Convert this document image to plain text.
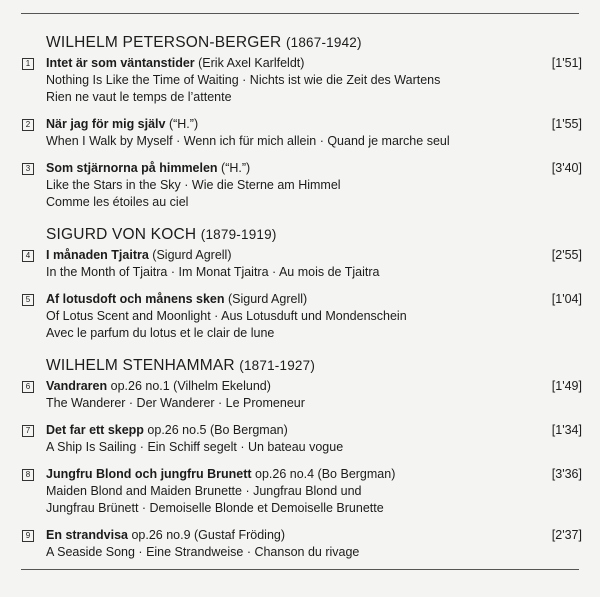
WILHELM PETERSON-BERGER (1867-1942)
1	Intet är som väntanstider (Erik Axel Karlfeldt)	[1'51]
Nothing Is Like the Time of Waiting · Nichts ist wie die Zeit des Wartens
Rien ne vaut le temps de l’attente
2	När jag för mig själv (“H.”)	[1'55]
When I Walk by Myself · Wenn ich für mich allein · Quand je marche seul
3	Som stjärnorna på himmelen (“H.”)	[3'40]
Like the Stars in the Sky · Wie die Sterne am Himmel
Comme les étoiles au ciel
SIGURD VON KOCH (1879-1919)
4	I månaden Tjaitra (Sigurd Agrell)	[2'55]
In the Month of Tjaitra · Im Monat Tjaitra · Au mois de Tjaitra
5	Af lotusdoft och månens sken (Sigurd Agrell)	[1'04]
Of Lotus Scent and Moonlight · Aus Lotusduft und Mondenschein
Avec le parfum du lotus et le clair de lune
WILHELM STENHAMMAR (1871-1927)
6	Vandraren op.26 no.1 (Vilhelm Ekelund)	[1'49]
The Wanderer · Der Wanderer · Le Promeneur
7	Det far ett skepp op.26 no.5 (Bo Bergman)	[1'34]
A Ship Is Sailing · Ein Schiff segelt · Un bateau vogue
8	Jungfru Blond och jungfru Brunett op.26 no.4 (Bo Bergman)	[3'36]
Maiden Blond and Maiden Brunette · Jungfrau Blond und
Jungfrau Brünett · Demoiselle Blonde et Demoiselle Brunette
9	En strandvisa op.26 no.9 (Gustaf Fröding)	[2'37]
A Seaside Song · Eine Strandweise · Chanson du rivage
